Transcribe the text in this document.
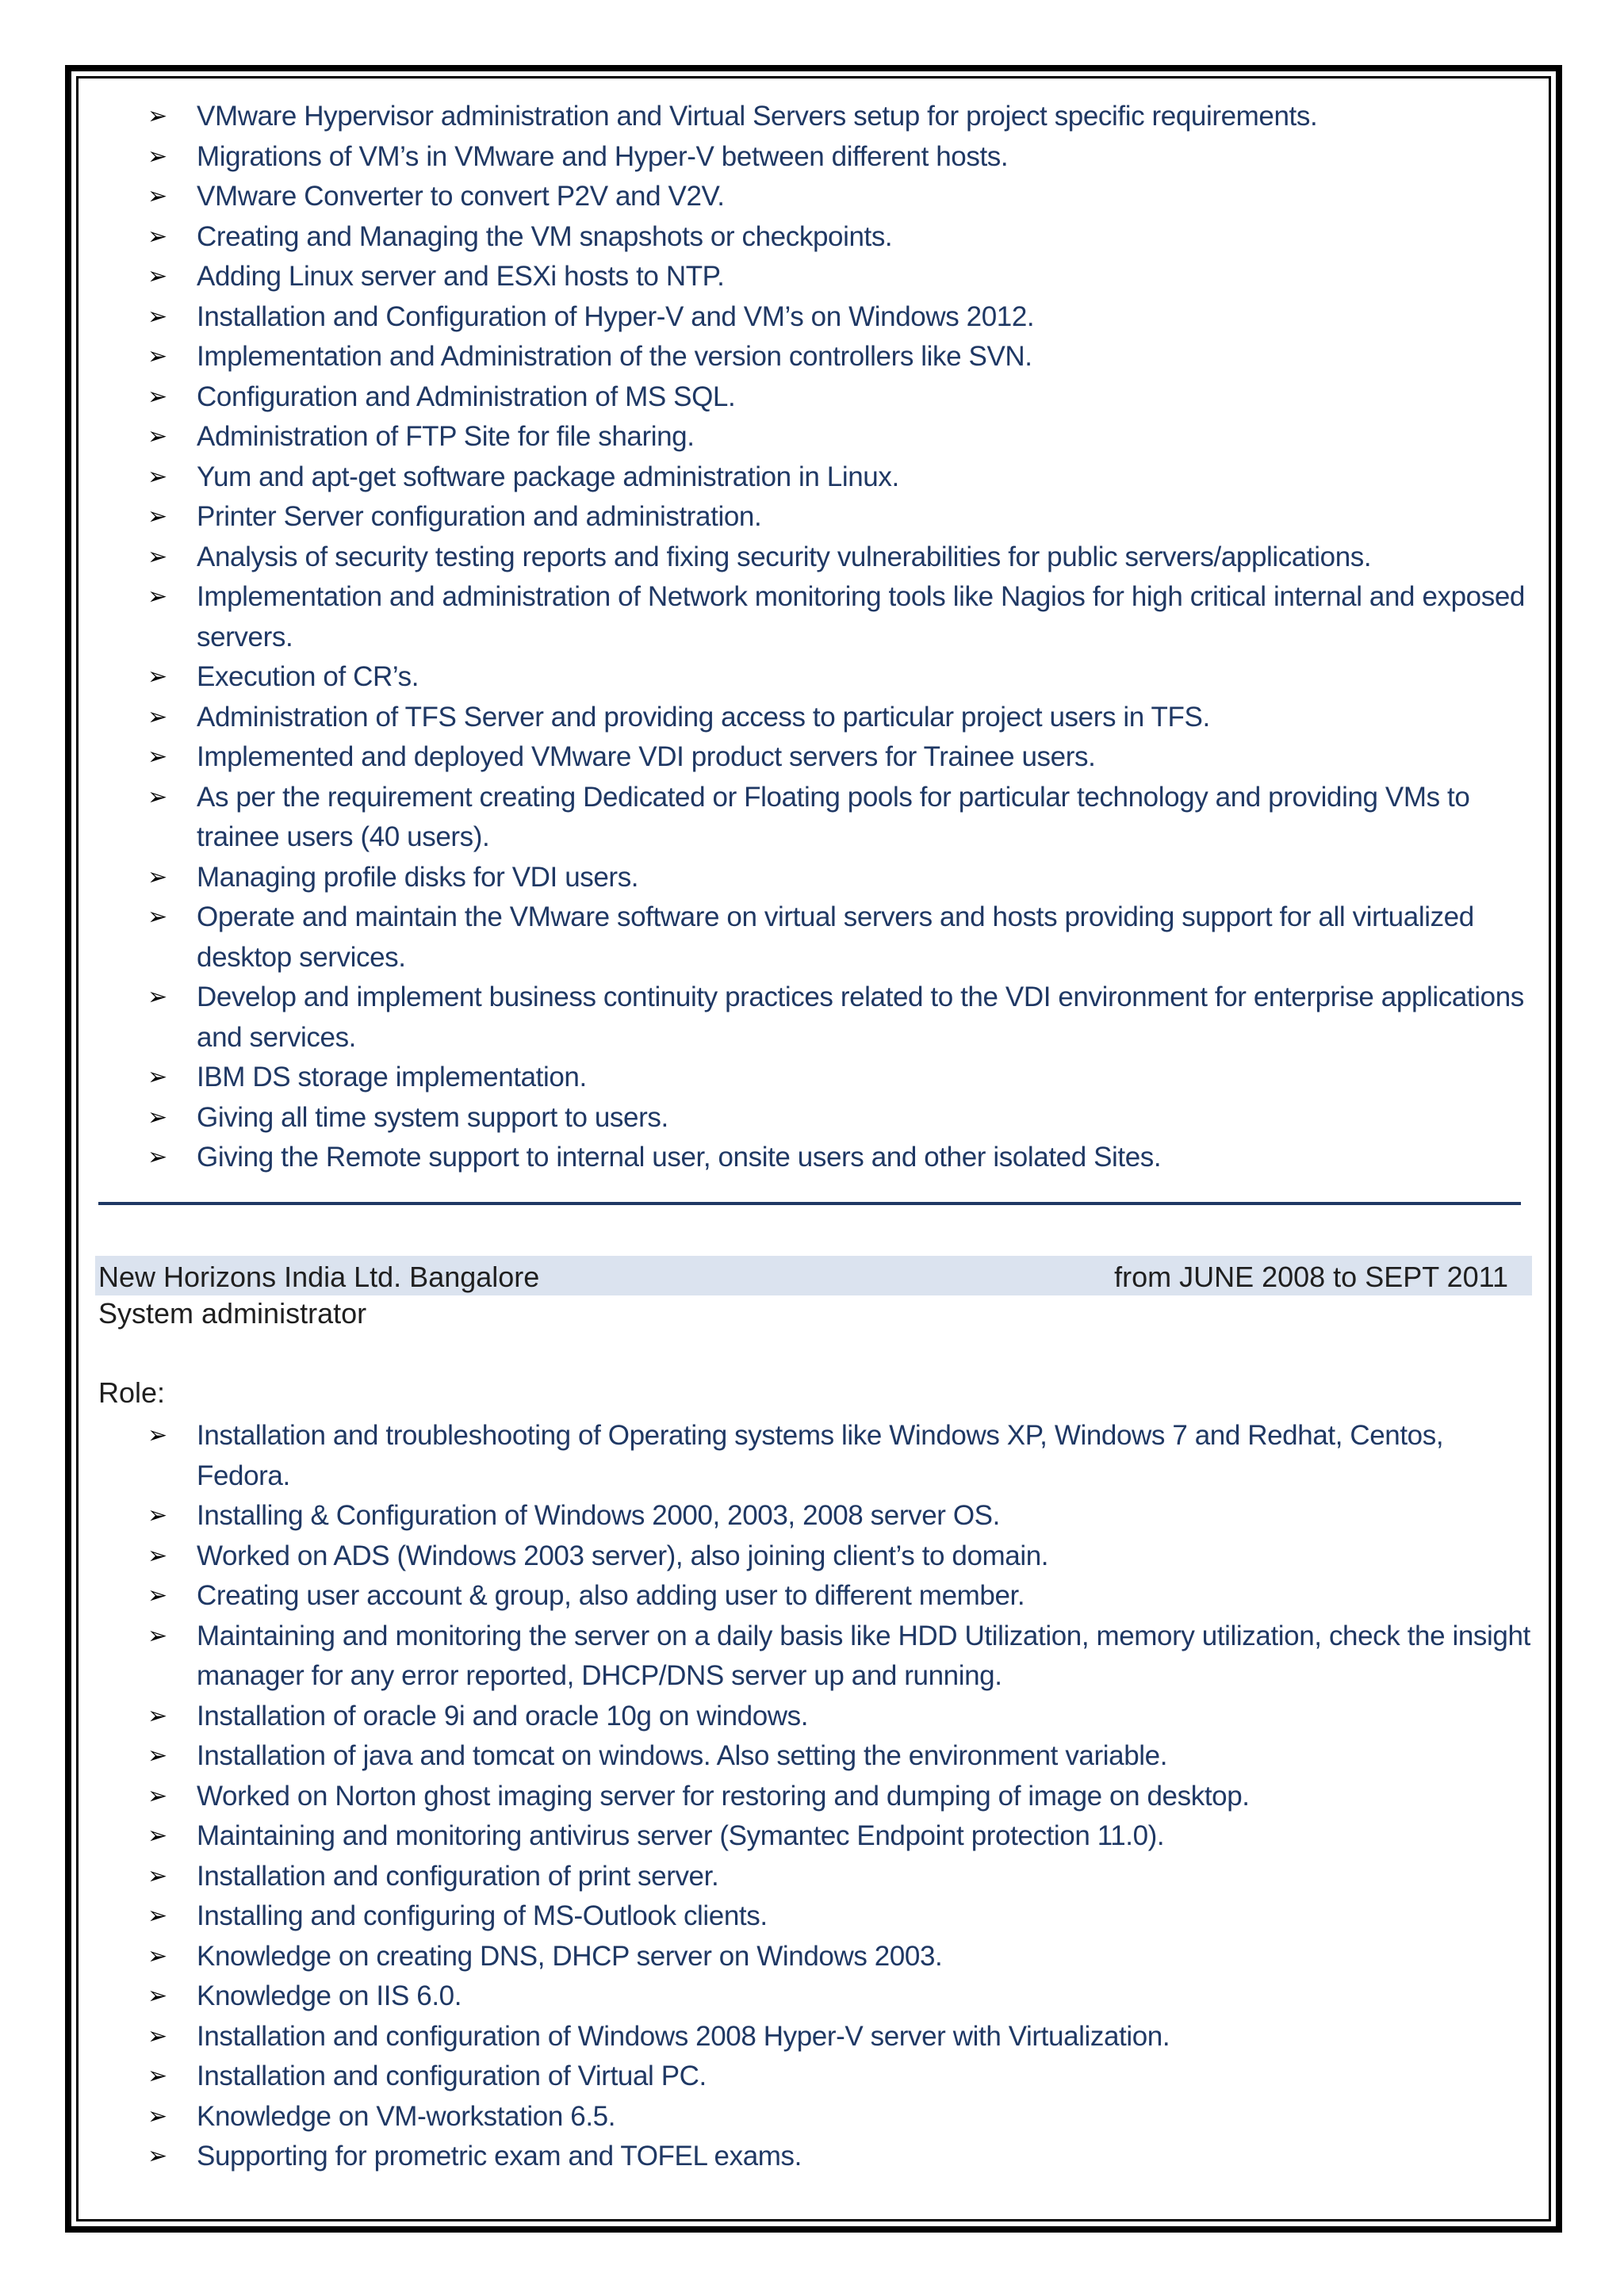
➢ VMware Hypervisor administration and Virtual Servers setup for project specific requirements.
➢ Migrations of VM’s in VMware and Hyper-V between different hosts.
➢ VMware Converter to convert P2V and V2V.
➢ Creating and Managing the VM snapshots or checkpoints.
➢ Adding Linux server and ESXi hosts to NTP.
➢ Installation and Configuration of Hyper-V and VM’s on Windows 2012.
➢ Implementation and Administration of the version controllers like SVN.
➢ Configuration and Administration of MS SQL.
➢ Administration of FTP Site for file sharing.
➢ Yum and apt-get software package administration in Linux.
➢ Printer Server configuration and administration.
➢ Analysis of security testing reports and fixing security vulnerabilities for public servers/applications.
➢ Implementation and administration of Network monitoring tools like Nagios for high critical internal and exposed servers.
➢ Execution of CR’s.
➢ Administration of TFS Server and providing access to particular project users in TFS.
➢ Implemented and deployed VMware VDI product servers for Trainee users.
➢ As per the requirement creating Dedicated or Floating pools for particular technology and providing VMs to trainee users (40 users).
➢ Managing profile disks for VDI users.
➢ Operate and maintain the VMware software on virtual servers and hosts providing support for all virtualized desktop services.
➢ Develop and implement business continuity practices related to the VDI environment for enterprise applications and services.
➢ IBM DS storage implementation.
➢ Giving all time system support to users.
➢ Giving the Remote support to internal user, onsite users and other isolated Sites.
New Horizons India Ltd. Bangalore	from JUNE 2008 to SEPT 2011
System administrator
Role:
➢ Installation and troubleshooting of Operating systems like Windows XP, Windows 7 and Redhat, Centos, Fedora.
➢ Installing & Configuration of Windows 2000, 2003, 2008 server OS.
➢ Worked on ADS (Windows 2003 server), also joining client’s to domain.
➢ Creating user account & group, also adding user to different member.
➢ Maintaining and monitoring the server on a daily basis like HDD Utilization, memory utilization, check the insight manager for any error reported, DHCP/DNS server up and running.
➢ Installation of oracle 9i and oracle 10g on windows.
➢ Installation of java and tomcat on windows. Also setting the environment variable.
➢ Worked on Norton ghost imaging server for restoring and dumping of image on desktop.
➢ Maintaining and monitoring antivirus server (Symantec Endpoint protection 11.0).
➢ Installation and configuration of print server.
➢ Installing and configuring of MS-Outlook clients.
➢ Knowledge on creating DNS, DHCP server on Windows 2003.
➢ Knowledge on IIS 6.0.
➢ Installation and configuration of Windows 2008 Hyper-V server with Virtualization.
➢ Installation and configuration of Virtual PC.
➢ Knowledge on VM-workstation 6.5.
➢ Supporting for prometric exam and TOFEL exams.
